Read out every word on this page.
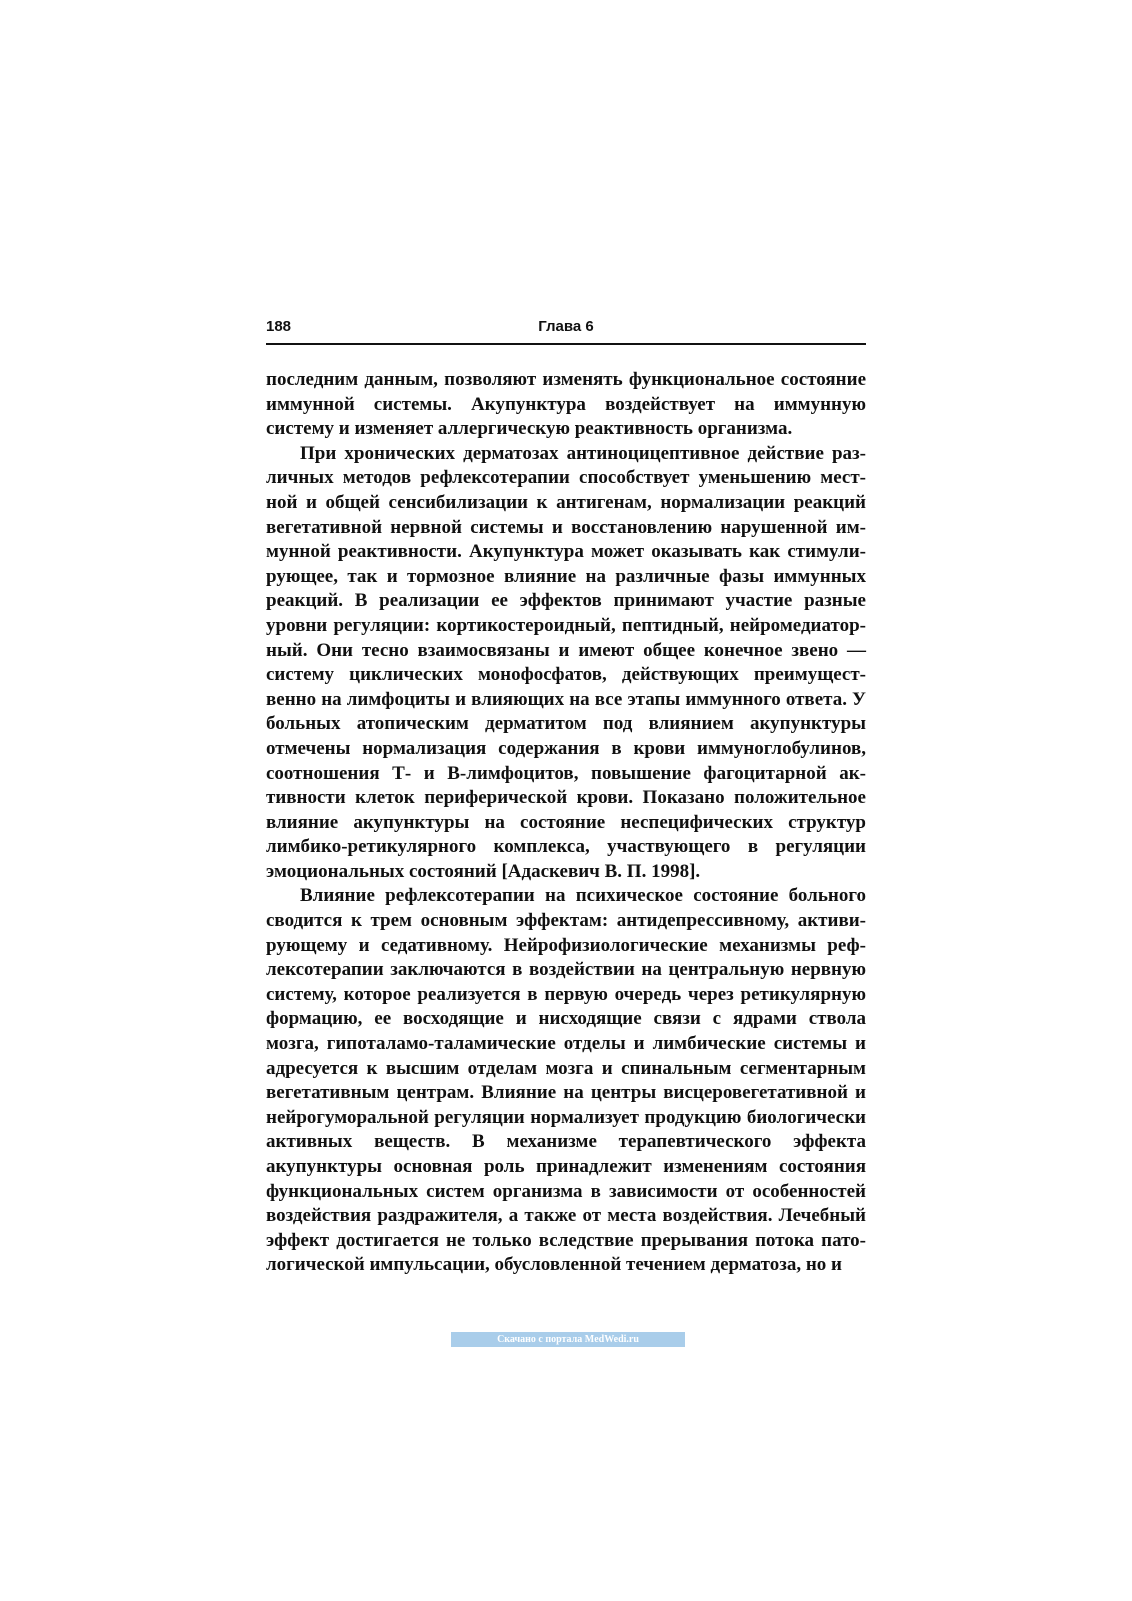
188	Глава 6

последним данным, позволяют изменять функциональное состояние иммунной системы. Акупунктура воздействует на иммунную систему и изменяет аллергическую реактивность организма.

При хронических дерматозах антиноцицептивное действие различных методов рефлексотерапии способствует уменьшению местной и общей сенсибилизации к антигенам, нормализации реакций вегетативной нервной системы и восстановлению нарушенной иммунной реактивности. Акупунктура может оказывать как стимулирующее, так и тормозное влияние на различные фазы иммунных реакций. В реализации ее эффектов принимают участие разные уровни регуляции: кортикостероидный, пептидный, нейромедиаторный. Они тесно взаимосвязаны и имеют общее конечное звено — систему циклических монофосфатов, действующих преимущественно на лимфоциты и влияющих на все этапы иммунного ответа. У больных атопическим дерматитом под влиянием акупунктуры отмечены нормализация содержания в крови иммуноглобулинов, соотношения Т- и В-лимфоцитов, повышение фагоцитарной активности клеток периферической крови. Показано положительное влияние акупунктуры на состояние неспецифических структур лимбико-ретикулярного комплекса, участвующего в регуляции эмоциональных состояний [Адаскевич В. П. 1998].

Влияние рефлексотерапии на психическое состояние больного сводится к трем основным эффектам: антидепрессивному, активирующему и седативному. Нейрофизиологические механизмы рефлексотерапии заключаются в воздействии на центральную нервную систему, которое реализуется в первую очередь через ретикулярную формацию, ее восходящие и нисходящие связи с ядрами ствола мозга, гипоталамо-таламические отделы и лимбические системы и адресуется к высшим отделам мозга и спинальным сегментарным вегетативным центрам. Влияние на центры висцеровегетативной и нейрогуморальной регуляции нормализует продукцию биологически активных веществ. В механизме терапевтического эффекта акупунктуры основная роль принадлежит изменениям состояния функциональных систем организма в зависимости от особенностей воздействия раздражителя, а также от места воздействия. Лечебный эффект достигается не только вследствие прерывания потока патологической импульсации, обусловленной течением дерматоза, но и

Скачано с портала MedWedi.ru
